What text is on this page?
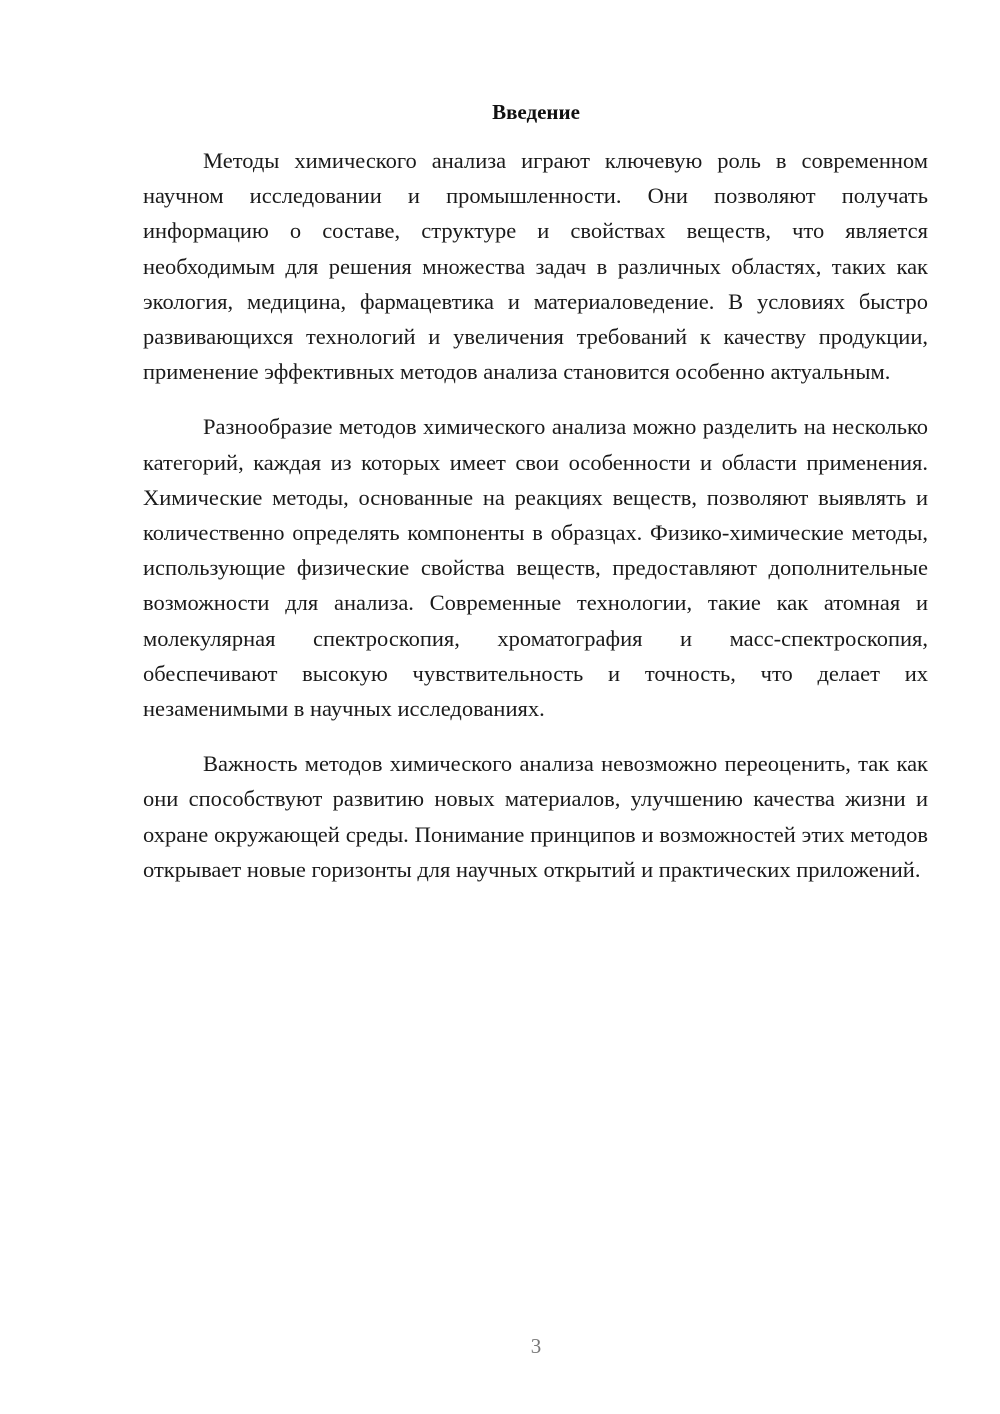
Введение

Методы химического анализа играют ключевую роль в современном научном исследовании и промышленности. Они позволяют получать информацию о составе, структуре и свойствах веществ, что является необходимым для решения множества задач в различных областях, таких как экология, медицина, фармацевтика и материаловедение. В условиях быстро развивающихся технологий и увеличения требований к качеству продукции, применение эффективных методов анализа становится особенно актуальным.

Разнообразие методов химического анализа можно разделить на несколько категорий, каждая из которых имеет свои особенности и области применения. Химические методы, основанные на реакциях веществ, позволяют выявлять и количественно определять компоненты в образцах. Физико-химические методы, использующие физические свойства веществ, предоставляют дополнительные возможности для анализа. Современные технологии, такие как атомная и молекулярная спектроскопия, хроматография и масс-спектроскопия, обеспечивают высокую чувствительность и точность, что делает их незаменимыми в научных исследованиях.

Важность методов химического анализа невозможно переоценить, так как они способствуют развитию новых материалов, улучшению качества жизни и охране окружающей среды. Понимание принципов и возможностей этих методов открывает новые горизонты для научных открытий и практических приложений.

3
